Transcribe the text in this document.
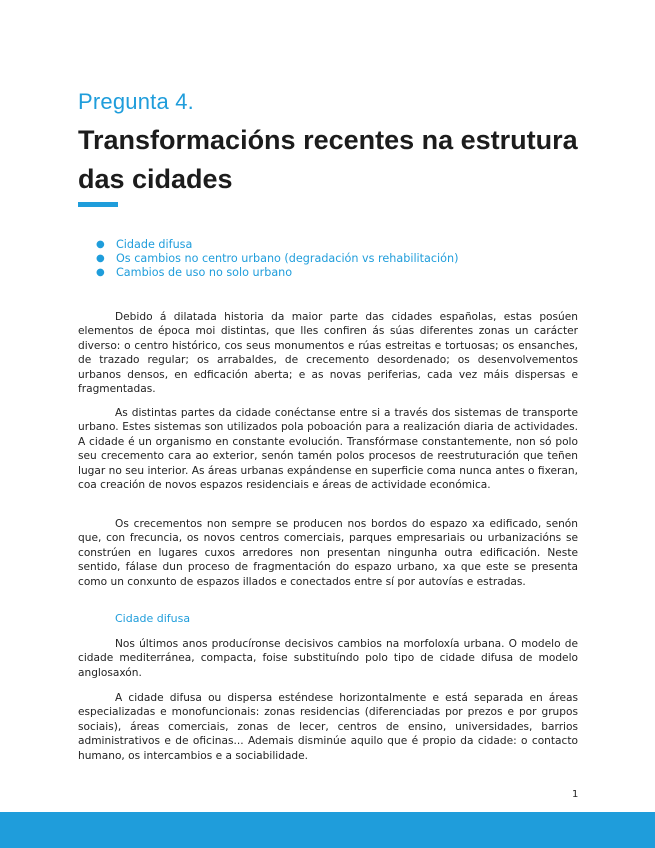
Pregunta 4.
Transformacións recentes na estrutura das cidades
● Cidade difusa
● Os cambios no centro urbano (degradación vs rehabilitación)
● Cambios de uso no solo urbano

Debido á dilatada historia da maior parte das cidades españolas, estas posúen elementos de época moi distintas, que lles confiren ás súas diferentes zonas un carácter diverso: o centro histórico, cos seus monumentos e rúas estreitas e tortuosas; os ensanches, de trazado regular; os arrabaldes, de crecemento desordenado; os desenvolvementos urbanos densos, en edficación aberta; e as novas periferias, cada vez máis dispersas e fragmentadas.

As distintas partes da cidade conéctanse entre si a través dos sistemas de transporte urbano. Estes sistemas son utilizados pola poboación para a realización diaria de actividades. A cidade é un organismo en constante evolución. Transfórmase constantemente, non só polo seu crecemento cara ao exterior, senón tamén polos procesos de reestruturación que teñen lugar no seu interior. As áreas urbanas expándense en superficie coma nunca antes o fixeran, coa creación de novos espazos residenciais e áreas de actividade económica.

Os crecementos non sempre se producen nos bordos do espazo xa edificado, senón que, con frecuncia, os novos centros comerciais, parques empresariais ou urbanizacións se constrúen en lugares cuxos arredores non presentan ningunha outra edificación. Neste sentido, fálase dun proceso de fragmentación do espazo urbano, xa que este se presenta como un conxunto de espazos illados e conectados entre sí por autovías e estradas.

Cidade difusa

Nos últimos anos producíronse decisivos cambios na morfoloxía urbana. O modelo de cidade mediterránea, compacta, foise substituíndo polo tipo de cidade difusa de modelo anglosaxón.

A cidade difusa ou dispersa esténdese horizontalmente e está separada en áreas especializadas e monofuncionais: zonas residencias (diferenciadas por prezos e por grupos sociais), áreas comerciais, zonas de lecer, centros de ensino, universidades, barrios administrativos e de oficinas... Ademais disminúe aquilo que é propio da cidade: o contacto humano, os intercambios e a sociabilidade.

1
